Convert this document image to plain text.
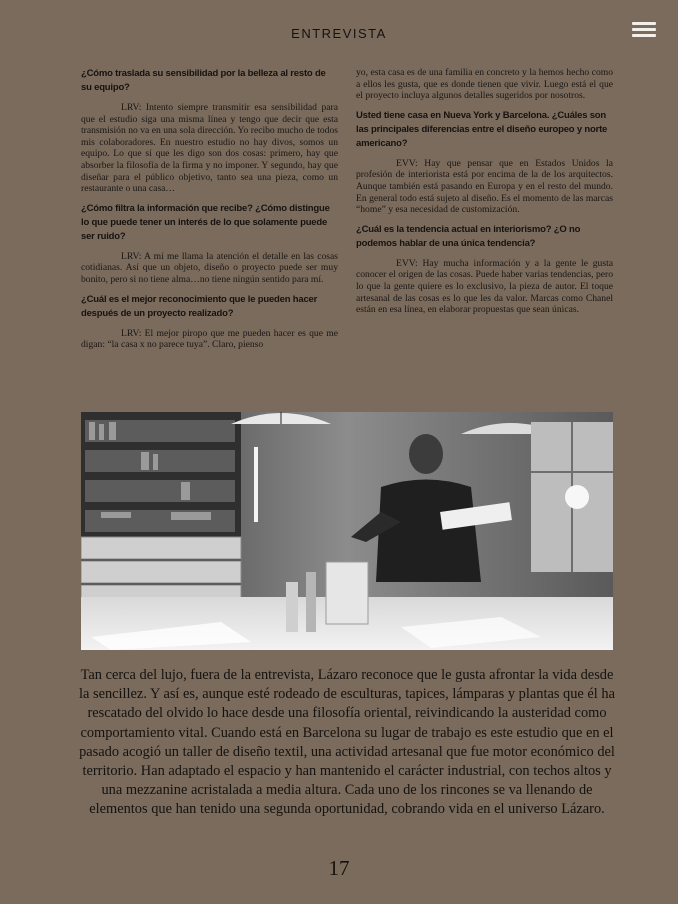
ENTREVISTA

¿Cómo traslada su sensibilidad por la belleza al resto de su equipo?

LRV: Intento siempre transmitir esa sensibilidad para que el estudio siga una misma línea y tengo que decir que esta transmisión no va en una sola dirección. Yo recibo mucho de todos mis colaboradores. En nuestro estudio no hay divos, somos un equipo. Lo que sí que les digo son dos cosas: primero, hay que absorber la filosofía de la firma y no imponer. Y segundo, hay que diseñar para el público objetivo, tanto sea una pieza, como un restaurante o una casa…

¿Cómo filtra la información que recibe? ¿Cómo distingue lo que puede tener un interés de lo que solamente puede ser ruido?

LRV: A mí me llama la atención el detalle en las cosas cotidianas. Así que un objeto, diseño o proyecto puede ser muy bonito, pero si no tiene alma…no tiene ningún sentido para mí.

¿Cuál es el mejor reconocimiento que le pueden hacer después de un proyecto realizado?

LRV: El mejor piropo que me pueden hacer es que me digan: “la casa x no parece tuya”. Claro, pienso

yo, esta casa es de una familia en concreto y la hemos hecho como a ellos les gusta, que es donde tienen que vivir. Luego está el que el proyecto incluya algunos detalles sugeridos por nosotros.

Usted tiene casa en Nueva York y Barcelona. ¿Cuáles son las principales diferencias entre el diseño europeo y norte americano?

EVV: Hay que pensar que en Estados Unidos la profesión de interiorista está por encima de la de los arquitectos. Aunque también está pasando en Europa y en el resto del mundo. En general todo está sujeto al diseño. Es el momento de las marcas “home” y esa necesidad de customización.

¿Cuál es la tendencia actual en interiorismo? ¿O no podemos hablar de una única tendencia?

EVV: Hay mucha información y a la gente le gusta conocer el origen de las cosas. Puede haber varias tendencias, pero lo que la gente quiere es lo exclusivo, la pieza de autor. El toque artesanal de las cosas es lo que les da valor. Marcas como Chanel están en esa línea, en elaborar propuestas que sean únicas.

Tan cerca del lujo, fuera de la entrevista, Lázaro reconoce que le gusta afrontar la vida desde la sencillez. Y así es, aunque esté rodeado de esculturas, tapices, lámparas y plantas que él ha rescatado del olvido lo hace desde una filosofía oriental, reivindicando la austeridad como comportamiento vital. Cuando está en Barcelona su lugar de trabajo es este estudio que en el pasado acogió un taller de diseño textil, una actividad artesanal que fue motor económico del territorio. Han adaptado el espacio y han mantenido el carácter industrial, con techos altos y una mezzanine acristalada a media altura. Cada uno de los rincones se va llenando de elementos que han tenido una segunda oportunidad, cobrando vida en el universo Lázaro.
17
